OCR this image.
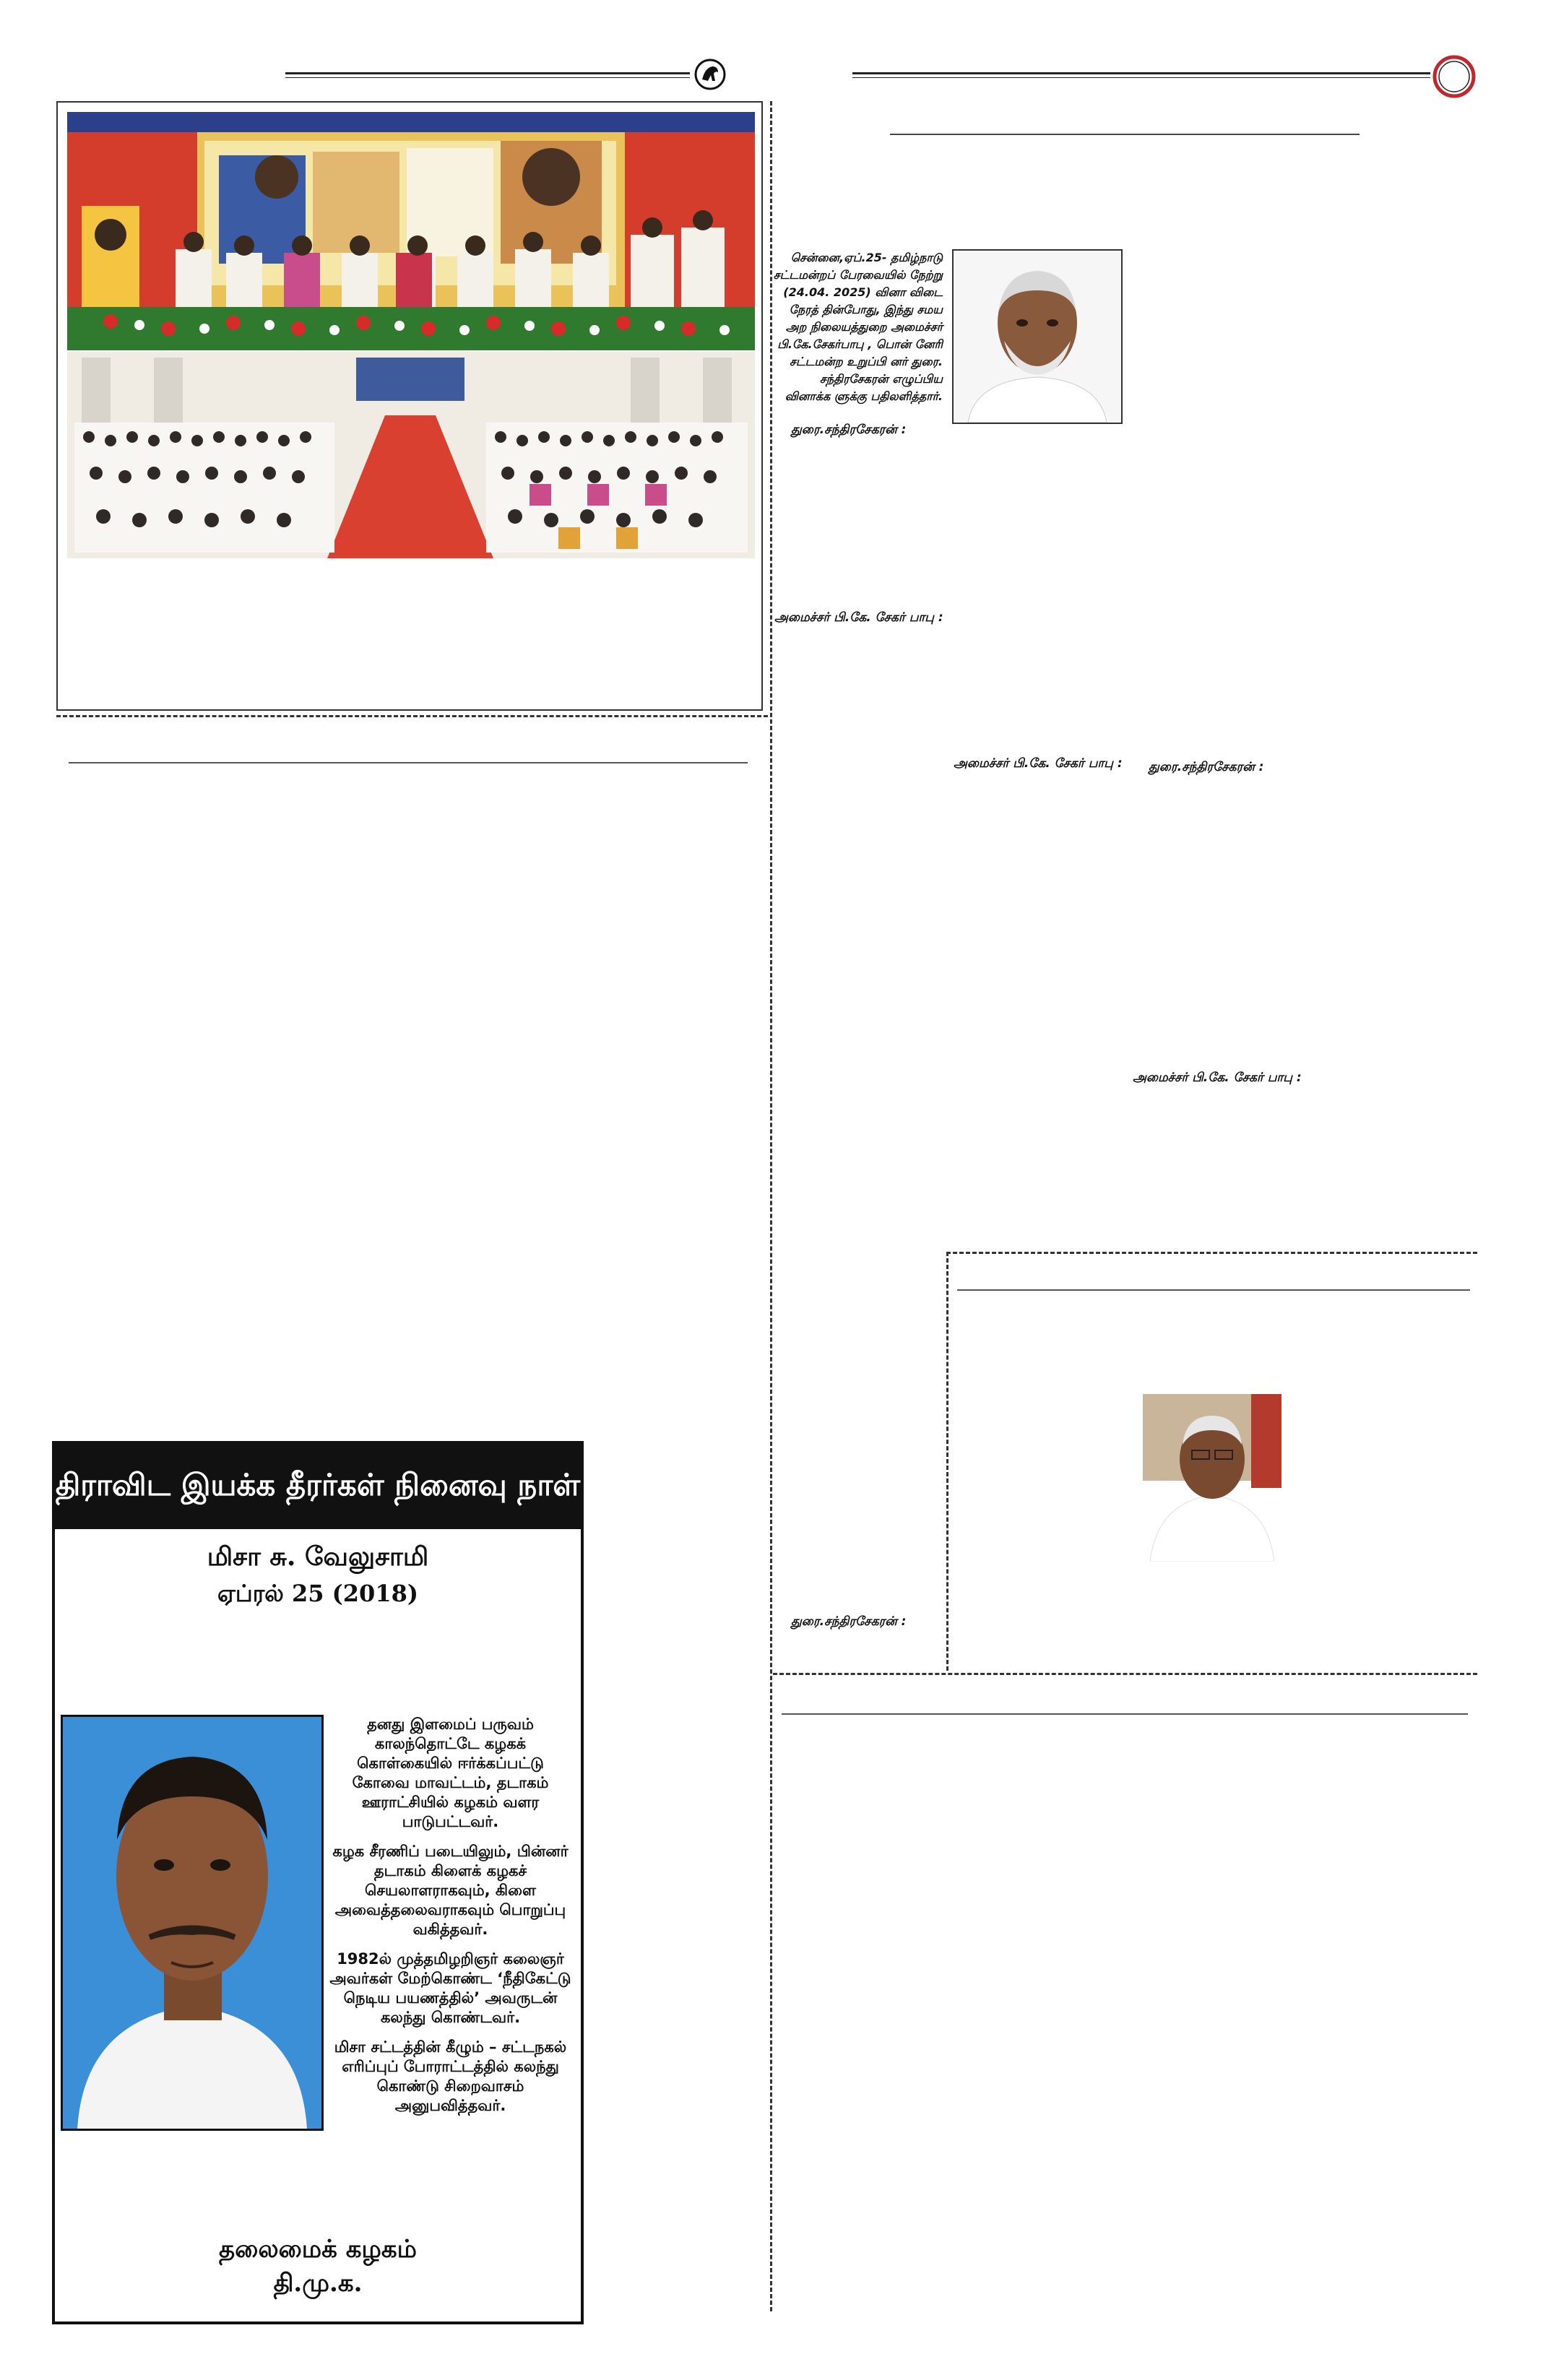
சென்னை,ஏப்.25- தமிழ்நாடு சட்டமன்றப் பேரவையில் நேற்று (24.04. 2025) வினா விடை நேரத் தின்போது, இந்து சமய அற நிலையத்துறை அமைச்சர் பி.கே.சேகர்பாபு , பொன் னேரி சட்டமன்ற உறுப்பி னர் துரை. சந்திரசேகரன் எழுப்பிய வினாக்க ளுக்கு பதிலளித்தார்.
துரை.சந்திரசேகரன் :
அமைச்சர் பி.கே. சேகர் பாபு :
அமைச்சர் பி.கே. சேகர் பாபு :	துரை.சந்திரசேகரன் :
அமைச்சர் பி.கே. சேகர் பாபு :
துரை.சந்திரசேகரன் :
திராவிட இயக்க தீரர்கள் நினைவு நாள்
மிசா சு. வேலுசாமி
ஏப்ரல் 25 (2018)

தனது இளமைப் பருவம் காலந்தொட்டே கழகக் கொள்கையில் ஈர்க்கப்பட்டு கோவை மாவட்டம், தடாகம் ஊராட்சியில் கழகம் வளர பாடுபட்டவர்.

கழக சீரணிப் படையிலும், பின்னர் தடாகம் கிளைக் கழகச் செயலாளராகவும், கிளை அவைத்தலைவராகவும் பொறுப்பு வகித்தவர்.

1982ல் முத்தமிழறிஞர் கலைஞர் அவர்கள் மேற்கொண்ட ‘நீதிகேட்டு நெடிய பயணத்தில்’ அவருடன் கலந்து கொண்டவர்.

மிசா சட்டத்தின் கீழும் – சட்டநகல் எரிப்புப் போராட்டத்தில் கலந்து கொண்டு சிறைவாசம் அனுபவித்தவர்.

தலைமைக் கழகம்
தி.மு.க.
